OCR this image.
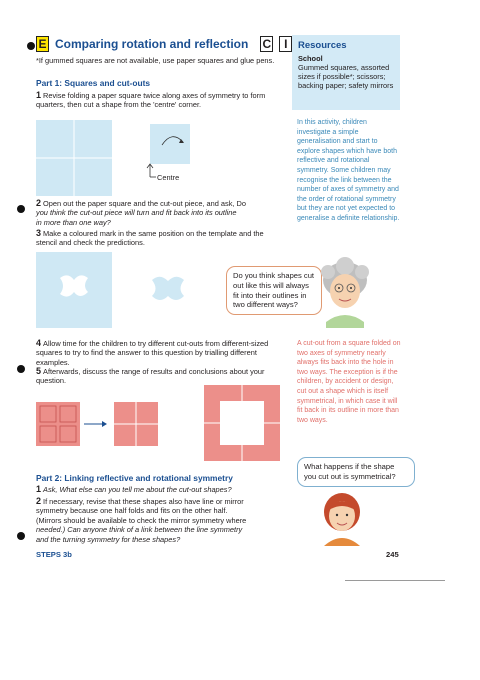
E Comparing rotation and reflection C	I
*If gummed squares are not available, use paper squares and glue pens.
Part 1: Squares and cut-outs
1 Revise folding a paper square twice along axes of symmetry to form quarters, then cut a shape from the 'centre' corner.
Centre
2 Open out the paper square and the cut-out piece, and ask, Do
you think the cut-out piece will turn and fit back into its outline
in more than one way?
3 Make a coloured mark in the same position on the template and the stencil and check the predictions.
Do you think shapes cut out like this will always fit into their outlines in two different ways?
4 Allow time for the children to try different cut-outs from different-sized squares to try to find the answer to this question by trialling different examples.
5 Afterwards, discuss the range of results and conclusions about your question.
Part 2: Linking reflective and rotational symmetry
1 Ask, What else can you tell me about the cut-out shapes?
2 If necessary, revise that these shapes also have line or mirror
symmetry because one half folds and fits on the other half.
(Mirrors should be available to check the mirror symmetry where
needed.) Can anyone think of a link between the line symmetry
and the turning symmetry for these shapes?
STEPS 3b	245
Resources
School
Gummed squares, assorted sizes if possible*; scissors; backing paper; safety mirrors
In this activity, children investigate a simple generalisation and start to explore shapes which have both reflective and rotational symmetry. Some children may recognise the link between the number of axes of symmetry and the order of rotational symmetry but they are not yet expected to generalise a definite relationship.
A cut-out from a square folded on two axes of symmetry nearly always fits back into the hole in two ways. The exception is if the children, by accident or design, cut out a shape which is itself symmetrical, in which case it will fit back in its outline in more than two ways.
What happens if the shape you cut out is symmetrical?
